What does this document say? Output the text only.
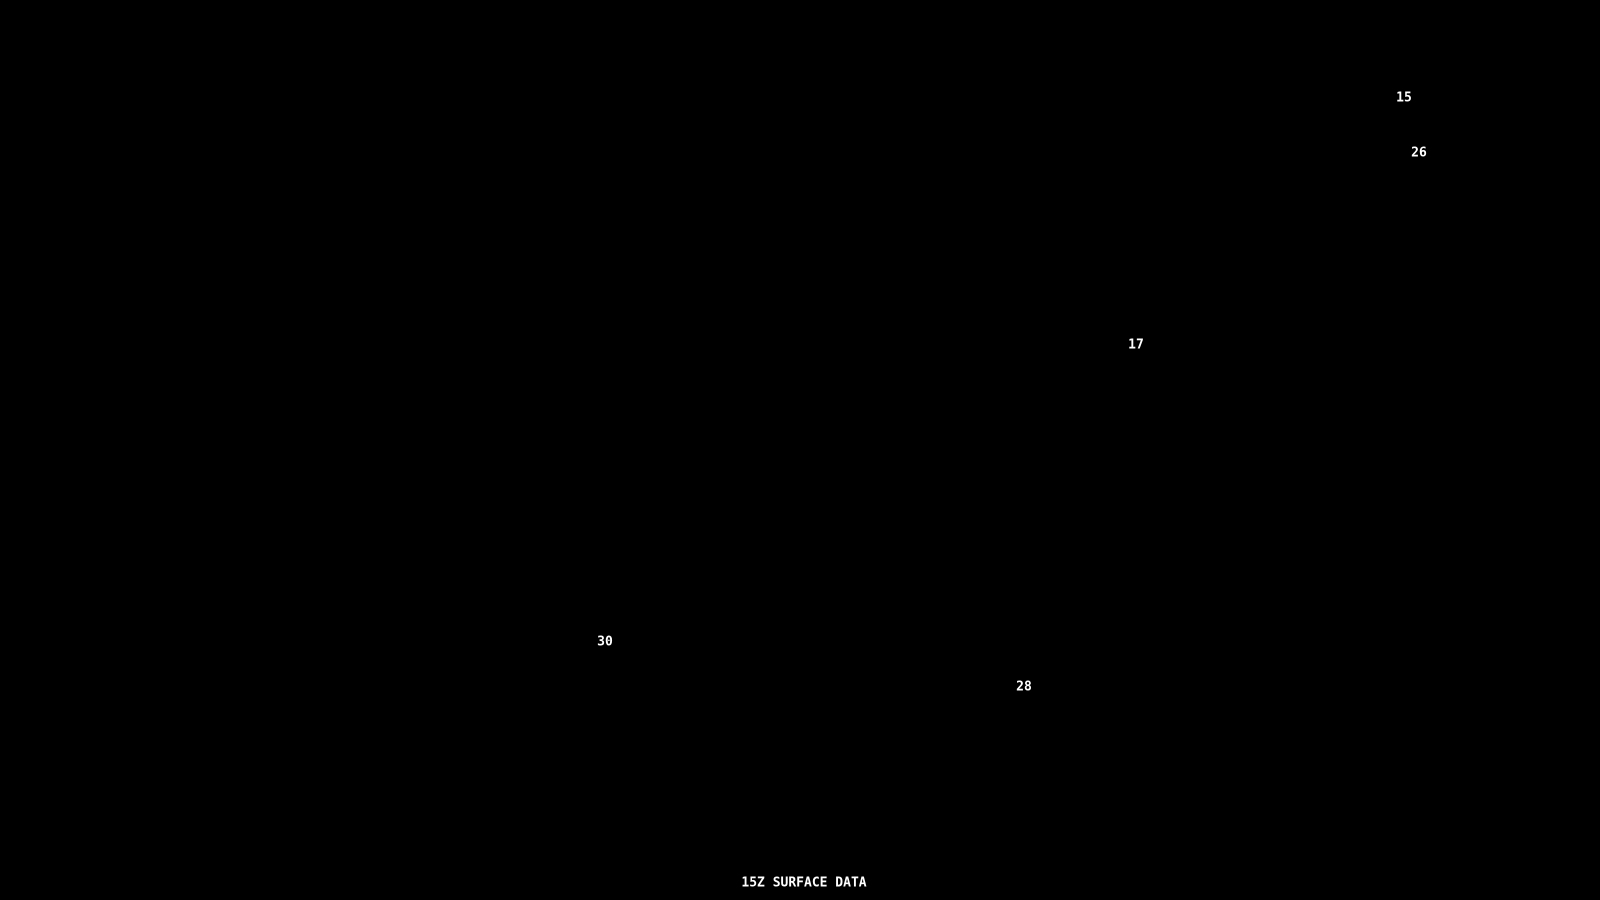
15
26
17
30
28
15Z SURFACE DATA
